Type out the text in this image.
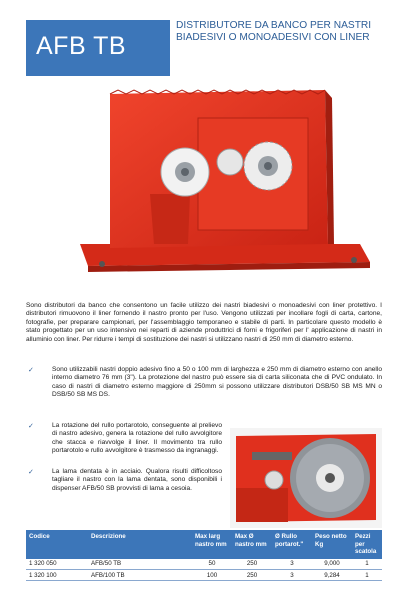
AFB TB
DISTRIBUTORE DA BANCO PER NASTRI
BIADESIVI O MONOADESIVI CON LINER
Sono distributori da banco che consentono un facile utilizzo dei nastri biadesivi o monoadesivi con liner protettivo. I distributori rimuovono il liner fornendo il nastro pronto per l'uso. Vengono utilizzati per incollare fogli di carta, cartone, fotografie, per preparare campionari, per l'assemblaggio temporaneo e stabile di parti. In particolare questo modello è stato progettato per un uso intensivo nei reparti di aziende produttrici di forni e frigoriferi per l' applicazione di nastri in alluminio con liner. Per ridurre i tempi di sostituzione dei nastri si utilizzano nastri di 250 mm di diametro esterno.
✓	Sono utilizzabili nastri doppio adesivo fino a 50 o 100 mm di larghezza e 250 mm di diametro esterno con anello interno diametro 76 mm (3"). La protezione del nastro può essere sia di carta siliconata che di PVC ondulato. In caso di nastri di diametro esterno maggiore di 250mm si possono utilizzare distributori DSB/50 SB MS MN o DSB/50 SB MS DS.
✓	La rotazione del rullo portarotolo, conseguente al prelievo di nastro adesivo, genera la rotazione del rullo avvolgitore che stacca e riavvolge il liner. Il movimento tra rullo portarotolo e rullo avvolgitore è trasmesso da ingranaggi.
✓	La lama dentata è in acciaio. Qualora risulti difficoltoso tagliare il nastro con la lama dentata, sono disponibili i dispenser AFB/50 SB provvisti di lama a cesoia.
Codice	Descrizione	Max larg nastro mm	Max Ø nastro mm	Ø Rullo portarot."	Peso netto Kg	Pezzi per scatola
1 320 050	AFB/50 TB	50	250	3	9,000	1
1 320 100	AFB/100 TB	100	250	3	9,284	1
